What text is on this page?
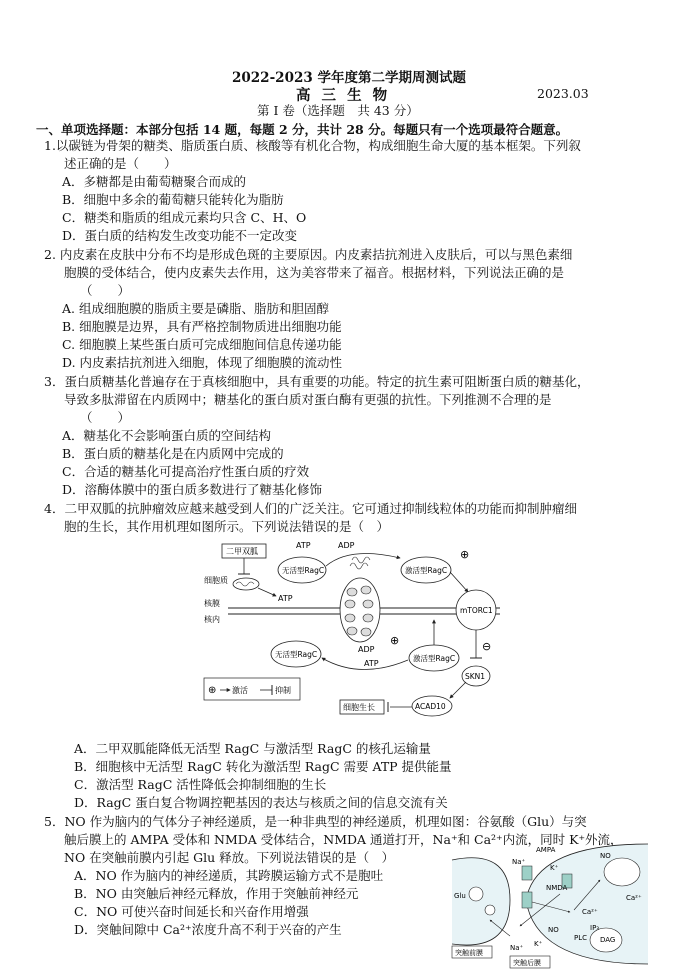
2022-2023 学年度第二学期周测试题
高 三 生 物	2023.03
第 I 卷（选择题　共 43 分）
一、单项选择题：本部分包括 14 题，每题 2 分，共计 28 分。每题只有一个选项最符合题意。
1.以碳链为骨架的糖类、脂质蛋白质、核酸等有机化合物，构成细胞生命大厦的基本框架。下列叙
述正确的是（　　）
A．多糖都是由葡萄糖聚合而成的
B．细胞中多余的葡萄糖只能转化为脂肪
C．糖类和脂质的组成元素均只含 C、H、O
D．蛋白质的结构发生改变功能不一定改变
2. 内皮素在皮肤中分布不均是形成色斑的主要原因。内皮素拮抗剂进入皮肤后，可以与黑色素细
胞膜的受体结合，使内皮素失去作用，这为美容带来了福音。根据材料，下列说法正确的是
（　　）
A. 组成细胞膜的脂质主要是磷脂、脂肪和胆固醇
B. 细胞膜是边界，具有严格控制物质进出细胞功能
C. 细胞膜上某些蛋白质可完成细胞间信息传递功能
D. 内皮素拮抗剂进入细胞，体现了细胞膜的流动性
3．蛋白质糖基化普遍存在于真核细胞中，具有重要的功能。特定的抗生素可阻断蛋白质的糖基化，
导致多肽滞留在内质网中；糖基化的蛋白质对蛋白酶有更强的抗性。下列推测不合理的是
（　　）
A．糖基化不会影响蛋白质的空间结构
B．蛋白质的糖基化是在内质网中完成的
C．合适的糖基化可提高治疗性蛋白质的疗效
D．溶酶体膜中的蛋白质多数进行了糖基化修饰
4．二甲双胍的抗肿瘤效应越来越受到人们的广泛关注。它可通过抑制线粒体的功能而抑制肿瘤细
胞的生长，其作用机理如图所示。下列说法错误的是（　）
二甲双胍
细胞质
ATP
核膜
核内
无活型RagC
ATP	ADP
激活型RagC
⊕
mTORC1
无活型RagC	激活型RagC
ADP
ATP
⊕	⊖
SKN1
ACAD10
细胞生长
⊕ 激活	抑制
A．二甲双胍能降低无活型 RagC 与激活型 RagC 的核孔运输量
B．细胞核中无活型 RagC 转化为激活型 RagC 需要 ATP 提供能量
C．激活型 RagC 活性降低会抑制细胞的生长
D．RagC 蛋白复合物调控靶基因的表达与核质之间的信息交流有关
5．NO 作为脑内的气体分子神经递质，是一种非典型的神经递质，机理如图：谷氨酸（Glu）与突
触后膜上的 AMPA 受体和 NMDA 受体结合，NMDA 通道打开，Na⁺和 Ca²⁺内流，同时 K⁺外流，
NO 在突触前膜内引起 Glu 释放。下列说法错误的是（　）
A．NO 作为脑内的神经递质，其跨膜运输方式不是胞吐
B．NO 由突触后神经元释放，作用于突触前神经元
C．NO 可使兴奋时间延长和兴奋作用增强
D．突触间隙中 Ca²⁺浓度升高不利于兴奋的产生
AMPA
NMDA
Na⁺
K⁺
Ca²⁺
Ca²⁺
Glu
NO
NO
PLC DAG
IP₃
Na⁺ K⁺
突触前膜
突触后膜
